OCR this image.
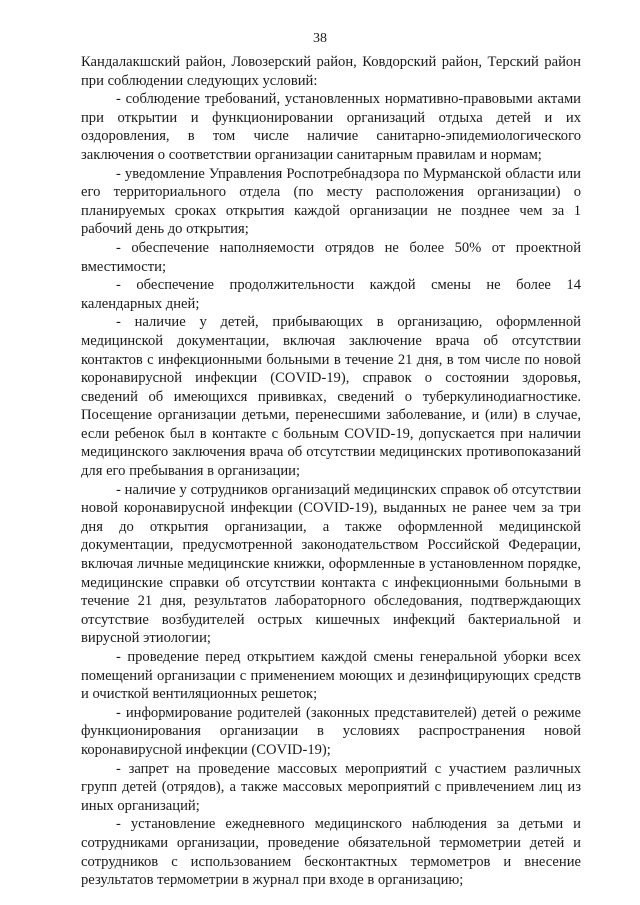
38

Кандалакшский район, Ловозерский район, Ковдорский район, Терский район при соблюдении следующих условий:

- соблюдение требований, установленных нормативно-правовыми актами при открытии и функционировании организаций отдыха детей и их оздоровления, в том числе наличие санитарно-эпидемиологического заключения о соответствии организации санитарным правилам и нормам;

- уведомление Управления Роспотребнадзора по Мурманской области или его территориального отдела (по месту расположения организации) о планируемых сроках открытия каждой организации не позднее чем за 1 рабочий день до открытия;

- обеспечение наполняемости отрядов не более 50% от проектной вместимости;

- обеспечение продолжительности каждой смены не более 14 календарных дней;

- наличие у детей, прибывающих в организацию, оформленной медицинской документации, включая заключение врача об отсутствии контактов с инфекционными больными в течение 21 дня, в том числе по новой коронавирусной инфекции (COVID-19), справок о состоянии здоровья, сведений об имеющихся прививках, сведений о туберкулинодиагностике. Посещение организации детьми, перенесшими заболевание, и (или) в случае, если ребенок был в контакте с больным COVID-19, допускается при наличии медицинского заключения врача об отсутствии медицинских противопоказаний для его пребывания в организации;

- наличие у сотрудников организаций медицинских справок об отсутствии новой коронавирусной инфекции (COVID-19), выданных не ранее чем за три дня до открытия организации, а также оформленной медицинской документации, предусмотренной законодательством Российской Федерации, включая личные медицинские книжки, оформленные в установленном порядке, медицинские справки об отсутствии контакта с инфекционными больными в течение 21 дня, результатов лабораторного обследования, подтверждающих отсутствие возбудителей острых кишечных инфекций бактериальной и вирусной этиологии;

- проведение перед открытием каждой смены генеральной уборки всех помещений организации с применением моющих и дезинфицирующих средств и очисткой вентиляционных решеток;

- информирование родителей (законных представителей) детей о режиме функционирования организации в условиях распространения новой коронавирусной инфекции (COVID-19);

- запрет на проведение массовых мероприятий с участием различных групп детей (отрядов), а также массовых мероприятий с привлечением лиц из иных организаций;

- установление ежедневного медицинского наблюдения за детьми и сотрудниками организации, проведение обязательной термометрии детей и сотрудников с использованием бесконтактных термометров и внесение результатов термометрии в журнал при входе в организацию;
